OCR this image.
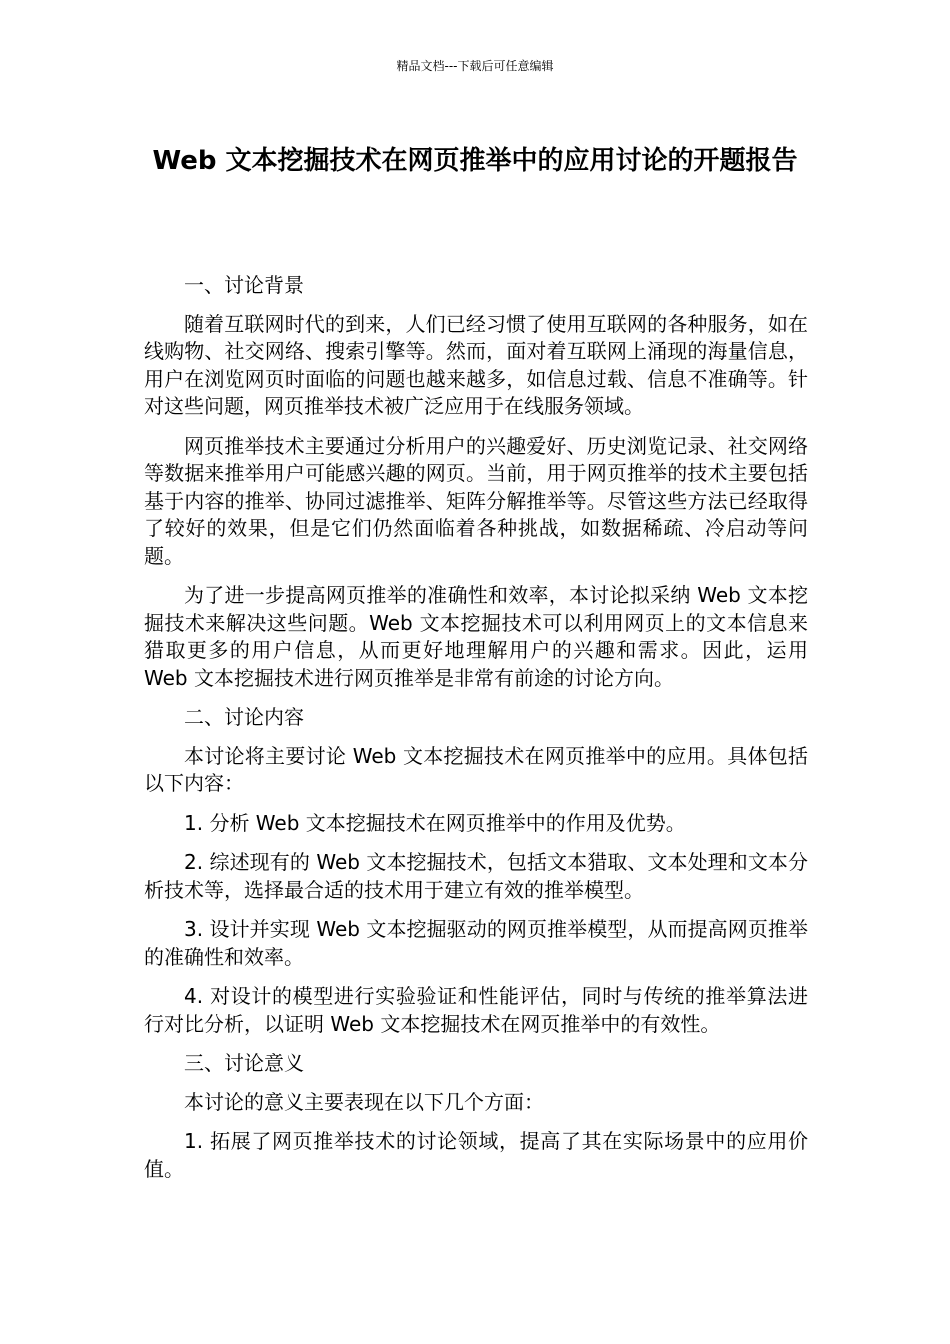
精品文档---下载后可任意编辑
Web 文本挖掘技术在网页推举中的应用讨论的开题报告

一、讨论背景

随着互联网时代的到来，人们已经习惯了使用互联网的各种服务，如在线购物、社交网络、搜索引擎等。然而，面对着互联网上涌现的海量信息，用户在浏览网页时面临的问题也越来越多，如信息过载、信息不准确等。针对这些问题，网页推举技术被广泛应用于在线服务领域。

网页推举技术主要通过分析用户的兴趣爱好、历史浏览记录、社交网络等数据来推举用户可能感兴趣的网页。当前，用于网页推举的技术主要包括基于内容的推举、协同过滤推举、矩阵分解推举等。尽管这些方法已经取得了较好的效果，但是它们仍然面临着各种挑战，如数据稀疏、冷启动等问题。

为了进一步提高网页推举的准确性和效率，本讨论拟采纳 Web 文本挖掘技术来解决这些问题。Web 文本挖掘技术可以利用网页上的文本信息来猎取更多的用户信息，从而更好地理解用户的兴趣和需求。因此，运用 Web 文本挖掘技术进行网页推举是非常有前途的讨论方向。

二、讨论内容

本讨论将主要讨论 Web 文本挖掘技术在网页推举中的应用。具体包括以下内容：

1. 分析 Web 文本挖掘技术在网页推举中的作用及优势。

2. 综述现有的 Web 文本挖掘技术，包括文本猎取、文本处理和文本分析技术等，选择最合适的技术用于建立有效的推举模型。

3. 设计并实现 Web 文本挖掘驱动的网页推举模型，从而提高网页推举的准确性和效率。

4. 对设计的模型进行实验验证和性能评估，同时与传统的推举算法进行对比分析，以证明 Web 文本挖掘技术在网页推举中的有效性。

三、讨论意义

本讨论的意义主要表现在以下几个方面：

1. 拓展了网页推举技术的讨论领域，提高了其在实际场景中的应用价值。
